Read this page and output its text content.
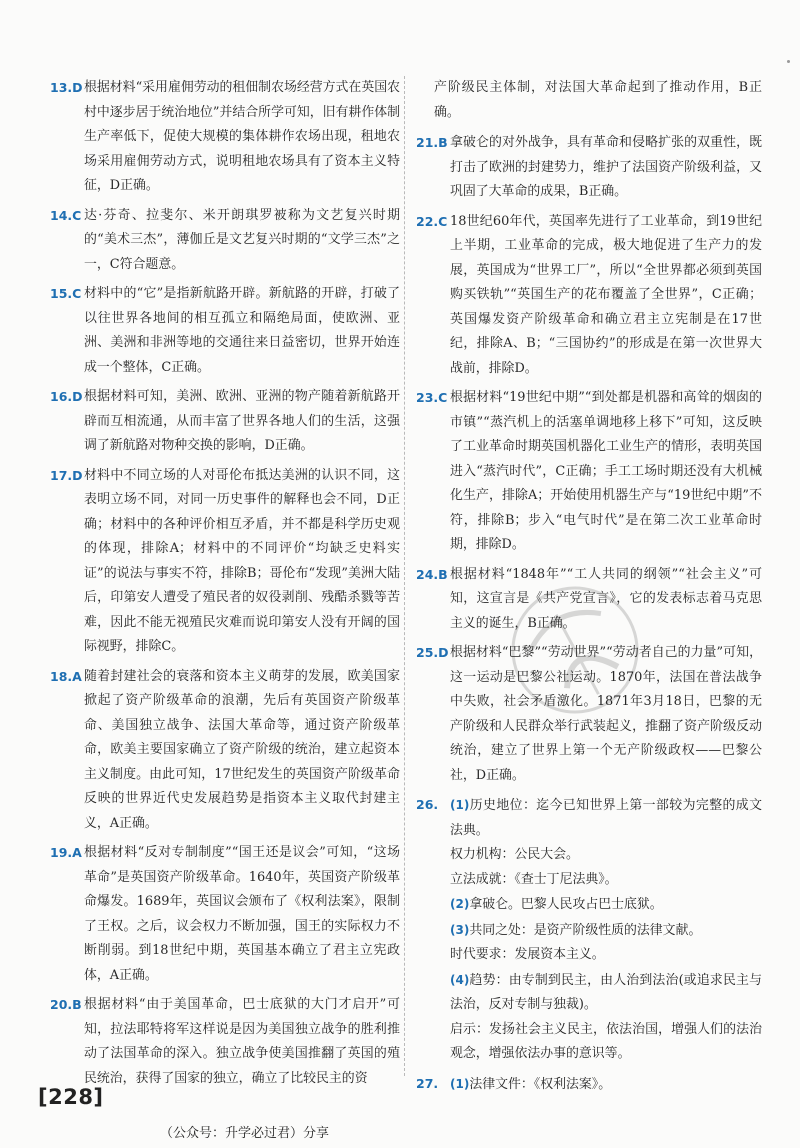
13.D 根据材料“采用雇佣劳动的租佃制农场经营方式在英国农村中逐步居于统治地位”并结合所学可知，旧有耕作体制生产率低下，促使大规模的集体耕作农场出现，租地农场采用雇佣劳动方式，说明租地农场具有了资本主义特征，D正确。
14.C 达·芬奇、拉斐尔、米开朗琪罗被称为文艺复兴时期的“美术三杰”，薄伽丘是文艺复兴时期的“文学三杰”之一，C符合题意。
15.C 材料中的“它”是指新航路开辟。新航路的开辟，打破了以往世界各地间的相互孤立和隔绝局面，使欧洲、亚洲、美洲和非洲等地的交通往来日益密切，世界开始连成一个整体，C正确。
16.D 根据材料可知，美洲、欧洲、亚洲的物产随着新航路开辟而互相流通，从而丰富了世界各地人们的生活，这强调了新航路对物种交换的影响，D正确。
17.D 材料中不同立场的人对哥伦布抵达美洲的认识不同，这表明立场不同，对同一历史事件的解释也会不同，D正确；材料中的各种评价相互矛盾，并不都是科学历史观的体现，排除A；材料中的不同评价“均缺乏史料实证”的说法与事实不符，排除B；哥伦布“发现”美洲大陆后，印第安人遭受了殖民者的奴役剥削、残酷杀戮等苦难，因此不能无视殖民灾难而说印第安人没有开阔的国际视野，排除C。
18.A 随着封建社会的衰落和资本主义萌芽的发展，欧美国家掀起了资产阶级革命的浪潮，先后有英国资产阶级革命、美国独立战争、法国大革命等，通过资产阶级革命，欧美主要国家确立了资产阶级的统治，建立起资本主义制度。由此可知，17世纪发生的英国资产阶级革命反映的世界近代史发展趋势是指资本主义取代封建主义，A正确。
19.A 根据材料“反对专制制度”“国王还是议会”可知，“这场革命”是英国资产阶级革命。1640年，英国资产阶级革命爆发。1689年，英国议会颁布了《权利法案》，限制了王权。之后，议会权力不断加强，国王的实际权力不断削弱。到18世纪中期，英国基本确立了君主立宪政体，A正确。
20.B 根据材料“由于美国革命，巴士底狱的大门才启开”可知，拉法耶特将军这样说是因为美国独立战争的胜利推动了法国革命的深入。独立战争使美国推翻了英国的殖民统治，获得了国家的独立，确立了比较民主的资
产阶级民主体制，对法国大革命起到了推动作用，B正确。
21.B 拿破仑的对外战争，具有革命和侵略扩张的双重性，既打击了欧洲的封建势力，维护了法国资产阶级利益，又巩固了大革命的成果，B正确。
22.C 18世纪60年代，英国率先进行了工业革命，到19世纪上半期，工业革命的完成，极大地促进了生产力的发展，英国成为“世界工厂”，所以“全世界都必须到英国购买铁轨”“英国生产的花布覆盖了全世界”，C正确；英国爆发资产阶级革命和确立君主立宪制是在17世纪，排除A、B；“三国协约”的形成是在第一次世界大战前，排除D。
23.C 根据材料“19世纪中期”“到处都是机器和高耸的烟囱的市镇”“蒸汽机上的活塞单调地移上移下”可知，这反映了工业革命时期英国机器化工业生产的情形，表明英国进入“蒸汽时代”，C正确；手工工场时期还没有大机械化生产，排除A；开始使用机器生产与“19世纪中期”不符，排除B；步入“电气时代”是在第二次工业革命时期，排除D。
24.B 根据材料“1848年”“工人共同的纲领”“社会主义”可知，这宣言是《共产党宣言》，它的发表标志着马克思主义的诞生，B正确。
25.D 根据材料“巴黎”“劳动世界”“劳动者自己的力量”可知，这一运动是巴黎公社运动。1870年，法国在普法战争中失败，社会矛盾激化。1871年3月18日，巴黎的无产阶级和人民群众举行武装起义，推翻了资产阶级反动统治，建立了世界上第一个无产阶级政权——巴黎公社，D正确。
26. (1)历史地位：迄今已知世界上第一部较为完整的成文法典。
权力机构：公民大会。
立法成就：《查士丁尼法典》。
(2)拿破仑。巴黎人民攻占巴士底狱。
(3)共同之处：是资产阶级性质的法律文献。
时代要求：发展资本主义。
(4)趋势：由专制到民主，由人治到法治(或追求民主与法治，反对专制与独裁)。
启示：发扬社会主义民主，依法治国，增强人们的法治观念，增强依法办事的意识等。
27. (1)法律文件：《权利法案》。
[228]
（公众号：升学必过君）分享
